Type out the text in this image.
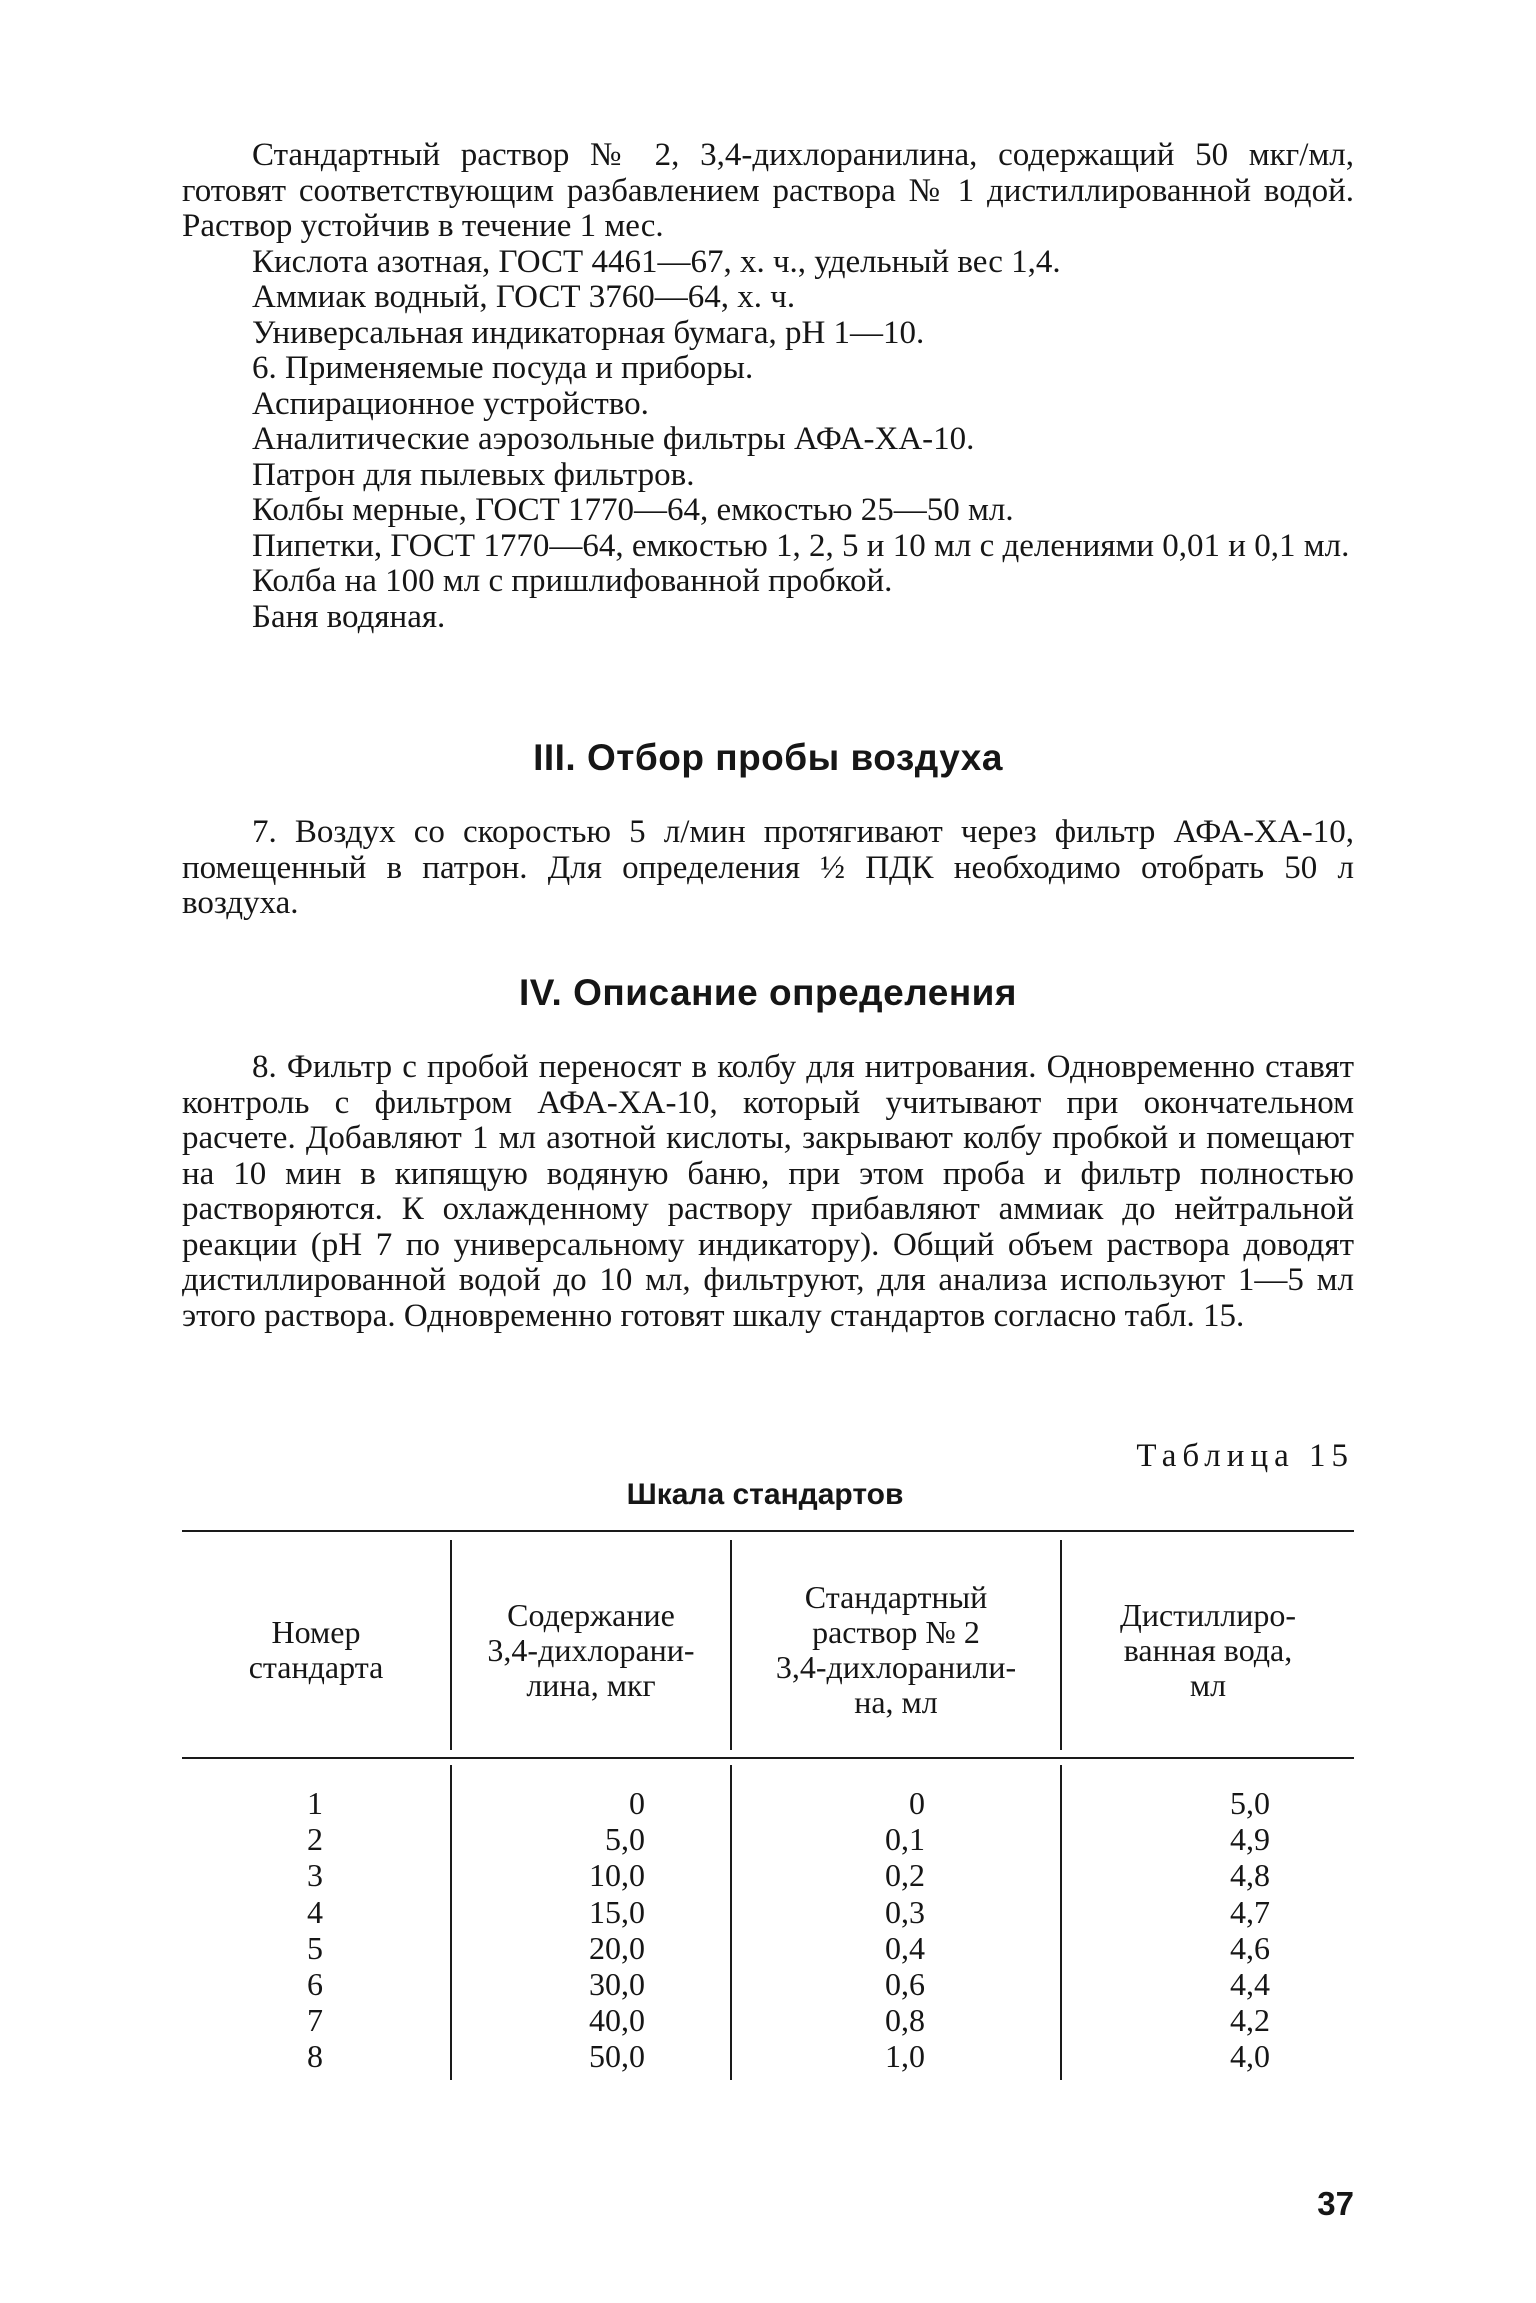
Стандартный раствор № 2, 3,4-дихлоранилина, содержащий 50 мкг/мл, готовят соответствующим разбавлением раствора № 1 дистиллированной водой. Раствор устойчив в течение 1 мес.

Кислота азотная, ГОСТ 4461—67, х. ч., удельный вес 1,4.

Аммиак водный, ГОСТ 3760—64, х. ч.

Универсальная индикаторная бумага, рН 1—10.

6. Применяемые посуда и приборы.

Аспирационное устройство.

Аналитические аэрозольные фильтры АФА-ХА-10.

Патрон для пылевых фильтров.

Колбы мерные, ГОСТ 1770—64, емкостью 25—50 мл.

Пипетки, ГОСТ 1770—64, емкостью 1, 2, 5 и 10 мл с делениями 0,01 и 0,1 мл.

Колба на 100 мл с пришлифованной пробкой.

Баня водяная.

III. Отбор пробы воздуха

7. Воздух со скоростью 5 л/мин протягивают через фильтр АФА-ХА-10, помещенный в патрон. Для определения ½ ПДК необходимо отобрать 50 л воздуха.

IV. Описание определения

8. Фильтр с пробой переносят в колбу для нитрования. Одновременно ставят контроль с фильтром АФА-ХА-10, который учитывают при окончательном расчете. Добавляют 1 мл азотной кислоты, закрывают колбу пробкой и помещают на 10 мин в кипящую водяную баню, при этом проба и фильтр полностью растворяются. К охлажденному раствору прибавляют аммиак до нейтральной реакции (рН 7 по универсальному индикатору). Общий объем раствора доводят дистиллированной водой до 10 мл, фильтруют, для анализа используют 1—5 мл этого раствора. Одновременно готовят шкалу стандартов согласно табл. 15.

Таблица 15
Шкала стандартов
Номер
стандарта
Содержание
3,4-дихлорани-
лина, мкг
Стандартный
раствор № 2
3,4-дихлоранили-
на, мл
Дистиллиро-
ванная вода,
мл
1
2
3
4
5
6
7
8
0
5,0
10,0
15,0
20,0
30,0
40,0
50,0
0
0,1
0,2
0,3
0,4
0,6
0,8
1,0
5,0
4,9
4,8
4,7
4,6
4,4
4,2
4,0
37
